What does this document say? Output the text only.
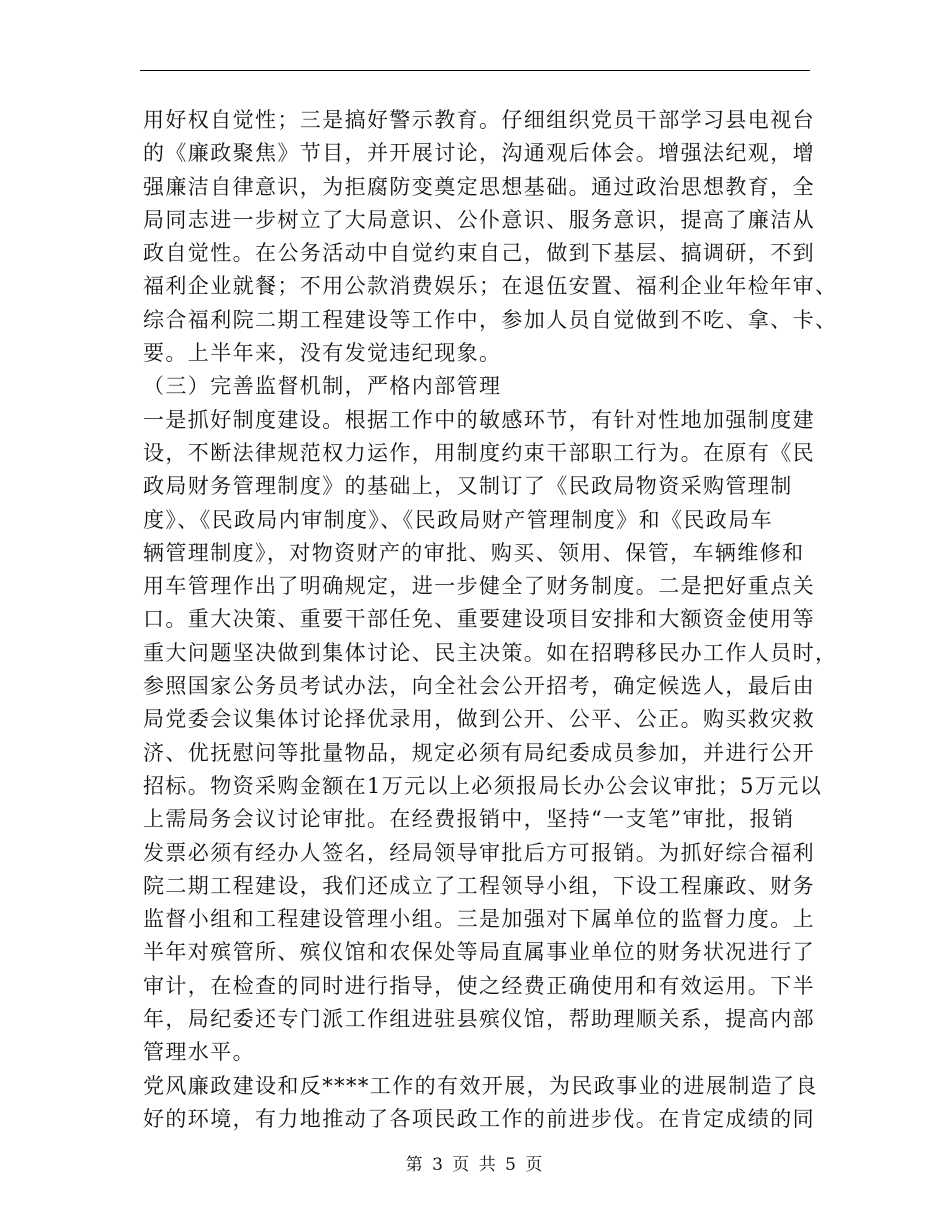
用好权自觉性；三是搞好警示教育。仔细组织党员干部学习县电视台
的《廉政聚焦》节目，并开展讨论，沟通观后体会。增强法纪观，增
强廉洁自律意识，为拒腐防变奠定思想基础。通过政治思想教育，全
局同志进一步树立了大局意识、公仆意识、服务意识，提高了廉洁从
政自觉性。在公务活动中自觉约束自己，做到下基层、搞调研，不到
福利企业就餐；不用公款消费娱乐；在退伍安置、福利企业年检年审、
综合福利院二期工程建设等工作中，参加人员自觉做到不吃、拿、卡、
要。上半年来，没有发觉违纪现象。
（三）完善监督机制，严格内部管理
一是抓好制度建设。根据工作中的敏感环节，有针对性地加强制度建
设，不断法律规范权力运作，用制度约束干部职工行为。在原有《民
政局财务管理制度》的基础上，又制订了《民政局物资采购管理制
度》、《民政局内审制度》、《民政局财产管理制度》和《民政局车
辆管理制度》，对物资财产的审批、购买、领用、保管，车辆维修和
用车管理作出了明确规定，进一步健全了财务制度。二是把好重点关
口。重大决策、重要干部任免、重要建设项目安排和大额资金使用等
重大问题坚决做到集体讨论、民主决策。如在招聘移民办工作人员时，
参照国家公务员考试办法，向全社会公开招考，确定候选人，最后由
局党委会议集体讨论择优录用，做到公开、公平、公正。购买救灾救
济、优抚慰问等批量物品，规定必须有局纪委成员参加，并进行公开
招标。物资采购金额在1万元以上必须报局长办公会议审批；5万元以
上需局务会议讨论审批。在经费报销中，坚持“一支笔”审批，报销
发票必须有经办人签名，经局领导审批后方可报销。为抓好综合福利
院二期工程建设，我们还成立了工程领导小组，下设工程廉政、财务
监督小组和工程建设管理小组。三是加强对下属单位的监督力度。上
半年对殡管所、殡仪馆和农保处等局直属事业单位的财务状况进行了
审计，在检查的同时进行指导，使之经费正确使用和有效运用。下半
年，局纪委还专门派工作组进驻县殡仪馆，帮助理顺关系，提高内部
管理水平。
党风廉政建设和反****工作的有效开展，为民政事业的进展制造了良
好的环境，有力地推动了各项民政工作的前进步伐。在肯定成绩的同
第 3 页 共 5 页
